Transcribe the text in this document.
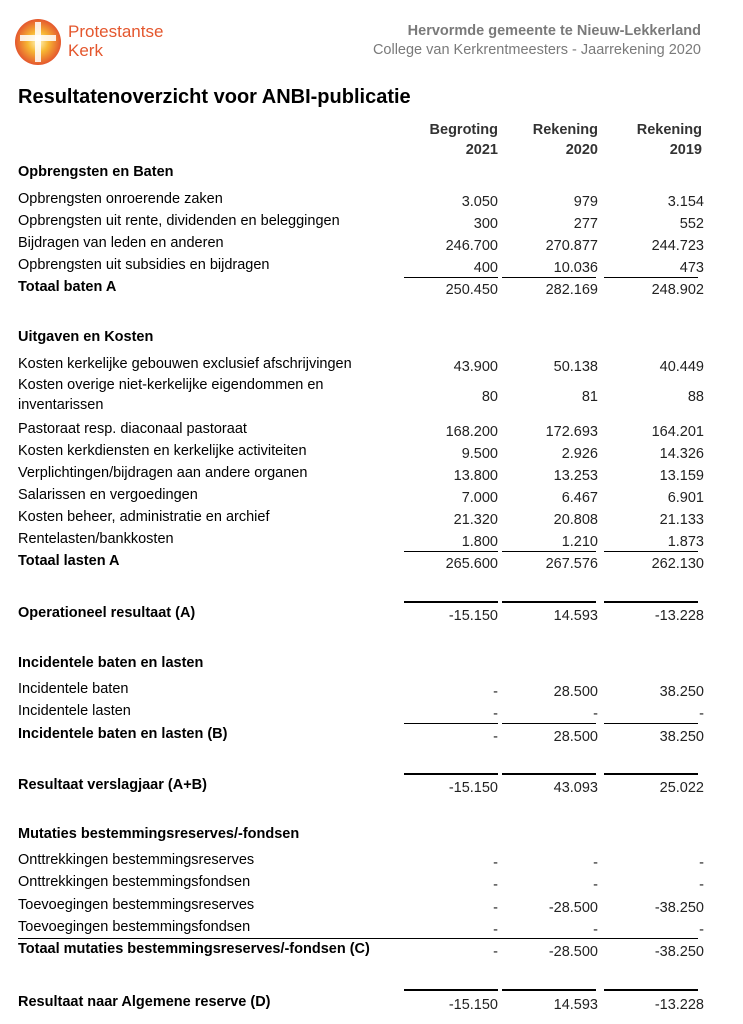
Protestantse
Kerk
Hervormde gemeente te Nieuw-Lekkerland
College van Kerkrentmeesters - Jaarrekening 2020
Resultatenoverzicht voor ANBI-publicatie
Begroting
2021
Rekening
2020
Rekening
2019
Opbrengsten en Baten
Opbrengsten onroerende zaken	3.050	979	3.154
Opbrengsten uit rente, dividenden en beleggingen	300	277	552
Bijdragen van leden en anderen	246.700	270.877	244.723
Opbrengsten uit subsidies en bijdragen	400	10.036	473
Totaal baten A	250.450	282.169	248.902
Uitgaven en Kosten
Kosten kerkelijke gebouwen exclusief afschrijvingen	43.900	50.138	40.449
Kosten overige niet-kerkelijke eigendommen en inventarissen	80	81	88
Pastoraat resp. diaconaal pastoraat	168.200	172.693	164.201
Kosten kerkdiensten en kerkelijke activiteiten	9.500	2.926	14.326
Verplichtingen/bijdragen aan andere organen	13.800	13.253	13.159
Salarissen en vergoedingen	7.000	6.467	6.901
Kosten beheer, administratie en archief	21.320	20.808	21.133
Rentelasten/bankkosten	1.800	1.210	1.873
Totaal lasten A	265.600	267.576	262.130
Operationeel resultaat (A)	-15.150	14.593	-13.228
Incidentele baten en lasten
Incidentele baten	-	28.500	38.250
Incidentele lasten	-	-	-
Incidentele baten en lasten (B)	-	28.500	38.250
Resultaat verslagjaar (A+B)	-15.150	43.093	25.022
Mutaties bestemmingsreserves/-fondsen
Onttrekkingen bestemmingsreserves	-	-	-
Onttrekkingen bestemmingsfondsen	-	-	-
Toevoegingen bestemmingsreserves	-	-28.500	-38.250
Toevoegingen bestemmingsfondsen	-	-	-
Totaal mutaties bestemmingsreserves/-fondsen (C)	-	-28.500	-38.250
Resultaat naar Algemene reserve (D)	-15.150	14.593	-13.228
